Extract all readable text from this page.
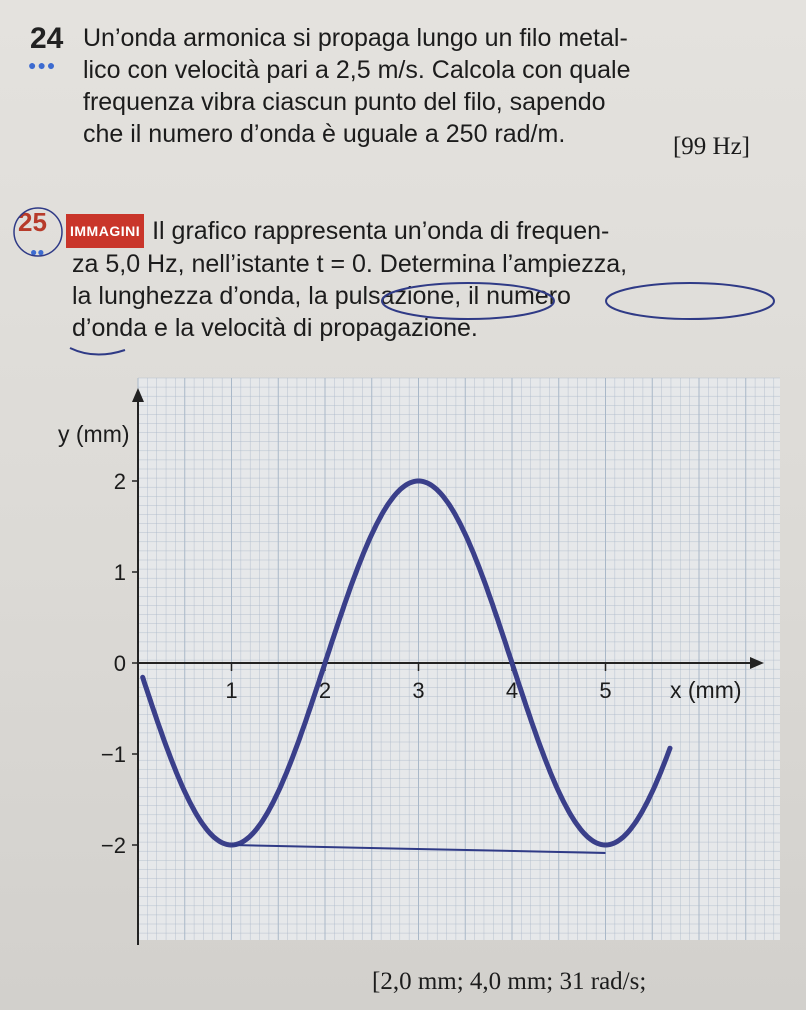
24
●●●
Un’onda armonica si propaga lungo un filo metal-
lico con velocità pari a 2,5 m/s. Calcola con quale
frequenza vibra ciascun punto del filo, sapendo
che il numero d’onda è uguale a 250 rad/m.	[99 Hz]
25
●●
IMMAGINI Il grafico rappresenta un’onda di frequen-
za 5,0 Hz, nell’istante t = 0. Determina l’ampiezza,
la lunghezza d’onda, la pulsazione, il numero
d’onda e la velocità di propagazione.
1	2	3	4	5
2
1
0
−1
−2
y (mm)
x (mm)
[2,0 mm; 4,0 mm; 31 rad/s;
